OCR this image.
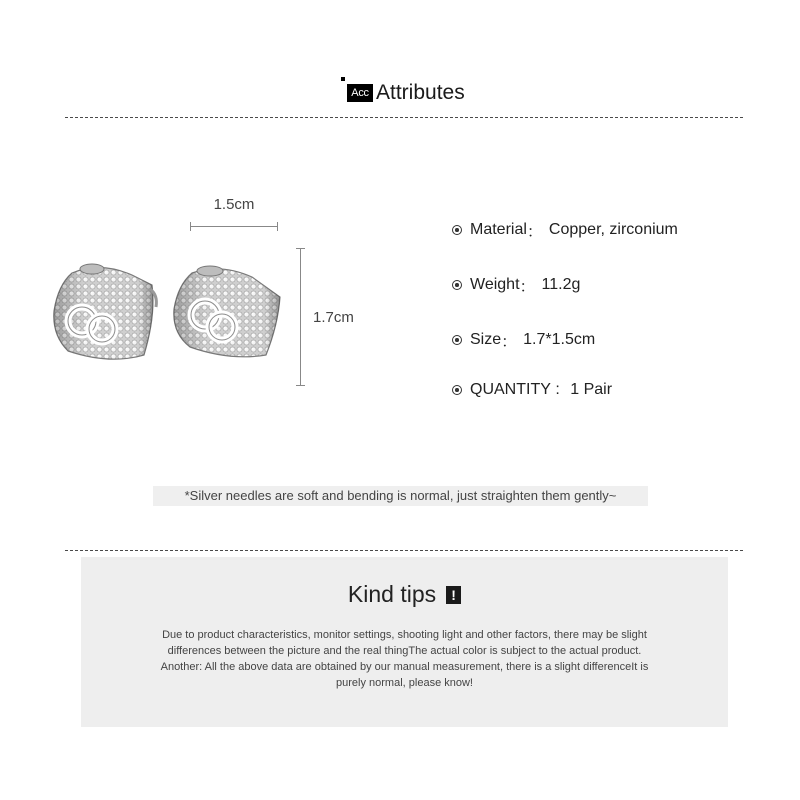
Acc Attributes
1.5cm
1.7cm
Material ： Copper, zirconium
Weight ： 11.2g
Size ： 1.7*1.5cm
QUANTITY : 1 Pair
*Silver needles are soft and bending is normal, just straighten them gently~
Kind tips	!
Due to product characteristics, monitor settings, shooting light and other factors, there may be slight
differences between the picture and the real thingThe actual color is subject to the actual product.
Another: All the above data are obtained by our manual measurement, there is a slight differenceIt is
purely normal, please know!
